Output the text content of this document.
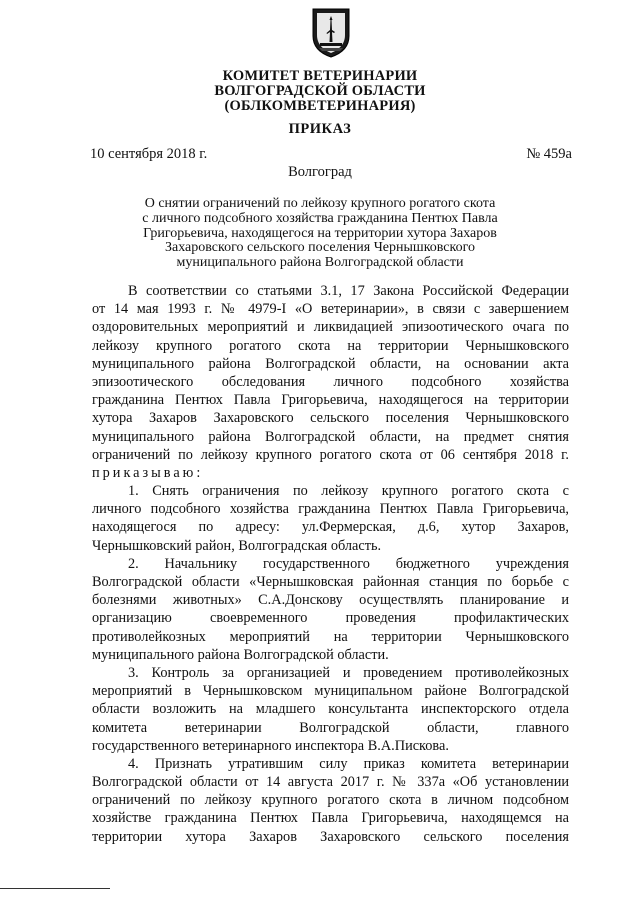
КОМИТЕТ ВЕТЕРИНАРИИ
ВОЛГОГРАДСКОЙ ОБЛАСТИ
(ОБЛКОМВЕТЕРИНАРИЯ)
ПРИКАЗ
10 сентября 2018 г.	№ 459а
Волгоград
О снятии ограничений по лейкозу крупного рогатого скота
с личного подсобного хозяйства гражданина Пентюх Павла
Григорьевича, находящегося на территории хутора Захаров
Захаровского сельского поселения Чернышковского
муниципального района Волгоградской области
В соответствии со статьями 3.1, 17 Закона Российской Федерации
от 14 мая 1993 г. № 4979-I «О ветеринарии», в связи с завершением
оздоровительных мероприятий и ликвидацией эпизоотического очага по
лейкозу крупного рогатого скота на территории Чернышковского
муниципального района Волгоградской области, на основании акта
эпизоотического обследования личного подсобного хозяйства
гражданина Пентюх Павла Григорьевича, находящегося на территории
хутора Захаров Захаровского сельского поселения Чернышковского
муниципального района Волгоградской области, на предмет снятия
ограничений по лейкозу крупного рогатого скота от 06 сентября 2018 г.
приказываю:
1. Снять ограничения по лейкозу крупного рогатого скота с
личного подсобного хозяйства гражданина Пентюх Павла Григорьевича,
находящегося по адресу: ул.Фермерская, д.6, хутор Захаров,
Чернышковский район, Волгоградская область.
2. Начальнику государственного бюджетного учреждения
Волгоградской области «Чернышковская районная станция по борьбе с
болезнями животных» С.А.Донскову осуществлять планирование и
организацию своевременного проведения профилактических
противолейкозных мероприятий на территории Чернышковского
муниципального района Волгоградской области.
3. Контроль за организацией и проведением противолейкозных
мероприятий в Чернышковском муниципальном районе Волгоградской
области возложить на младшего консультанта инспекторского отдела
комитета ветеринарии Волгоградской области, главного
государственного ветеринарного инспектора В.А.Пискова.
4. Признать утратившим силу приказ комитета ветеринарии
Волгоградской области от 14 августа 2017 г. № 337а «Об установлении
ограничений по лейкозу крупного рогатого скота в личном подсобном
хозяйстве гражданина Пентюх Павла Григорьевича, находящемся на
территории хутора Захаров Захаровского сельского поселения
